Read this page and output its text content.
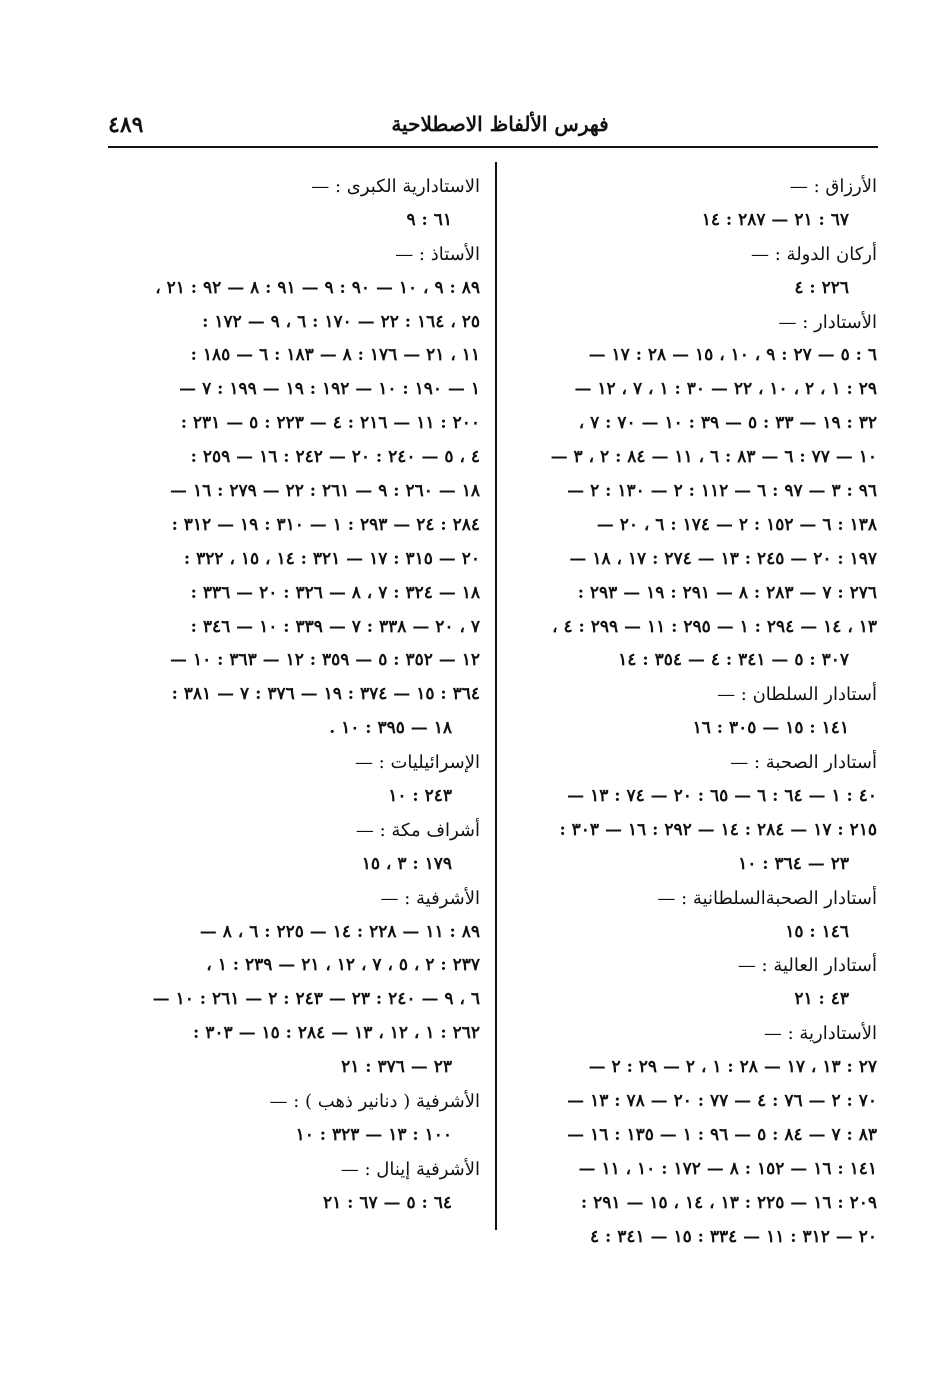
فهرس الألفاظ الاصطلاحية
٤٨٩
الأرزاق : —
٦٧ : ٢١ — ٢٨٧ : ١٤
أركان الدولة : —
٢٢٦ : ٤
الأستادار : —
٦ : ٥ — ٢٧ : ٩ ، ١٠ ، ١٥ — ٢٨ : ١٧ —
٢٩ : ١ ، ٢ ، ١٠ ، ٢٢ — ٣٠ : ١ ، ٧ ، ١٢ —
٣٢ : ١٩ — ٣٣ : ٥ — ٣٩ : ١٠ — ٧٠ : ٧ ،
١٠ — ٧٧ : ٦ — ٨٣ : ٦ ، ١١ — ٨٤ : ٢ ، ٣ —
٩٦ : ٣ — ٩٧ : ٦ — ١١٢ : ٢ — ١٣٠ : ٢ —
١٣٨ : ٦ — ١٥٢ : ٢ — ١٧٤ : ٦ ، ٢٠ —
١٩٧ : ٢٠ — ٢٤٥ : ١٣ — ٢٧٤ : ١٧ ، ١٨ —
٢٧٦ : ٧ — ٢٨٣ : ٨ — ٢٩١ : ١٩ — ٢٩٣ :
١٣ ، ١٤ — ٢٩٤ : ١ — ٢٩٥ : ١١ — ٢٩٩ : ٤ ،
٣٠٧ : ٥ — ٣٤١ : ٤ — ٣٥٤ : ١٤
أستادار السلطان : —
١٤١ : ١٥ — ٣٠٥ : ١٦
أستادار الصحبة : —
٤٠ : ١ — ٦٤ : ٦ — ٦٥ : ٢٠ — ٧٤ : ١٣ —
٢١٥ : ١٧ — ٢٨٤ : ١٤ — ٢٩٢ : ١٦ — ٣٠٣ :
٢٣ — ٣٦٤ : ١٠
أستادار الصحبةالسلطانية : —
١٤٦ : ١٥
أستادار العالية : —
٤٣ : ٢١
الأستادارية : —
٢٧ : ١٣ ، ١٧ — ٢٨ : ١ ، ٢ — ٢٩ : ٢ —
٧٠ : ٢ — ٧٦ : ٤ — ٧٧ : ٢٠ — ٧٨ : ١٣ —
٨٣ : ٧ — ٨٤ : ٥ — ٩٦ : ١ — ١٣٥ : ١٦ —
١٤١ : ١٦ — ١٥٢ : ٨ — ١٧٢ : ١٠ ، ١١ —
٢٠٩ : ١٦ — ٢٢٥ : ١٣ ، ١٤ ، ١٥ — ٢٩١ :
٢٠ — ٣١٢ : ١١ — ٣٣٤ : ١٥ — ٣٤١ : ٤
الاستادارية الكبرى : —
٦١ : ٩
الأستاذ : —
٨٩ : ٩ ، ١٠ — ٩٠ : ٩ — ٩١ : ٨ — ٩٢ : ٢١ ،
٢٥ ، ١٦٤ : ٢٢ — ١٧٠ : ٦ ، ٩ — ١٧٢ :
١١ ، ٢١ — ١٧٦ : ٨ — ١٨٣ : ٦ — ١٨٥ :
١ — ١٩٠ : ١٠ — ١٩٢ : ١٩ — ١٩٩ : ٧ —
٢٠٠ : ١١ — ٢١٦ : ٤ — ٢٢٣ : ٥ — ٢٣١ :
٤ ، ٥ — ٢٤٠ : ٢٠ — ٢٤٢ : ١٦ — ٢٥٩ :
١٨ — ٢٦٠ : ٩ — ٢٦١ : ٢٢ — ٢٧٩ : ١٦ —
٢٨٤ : ٢٤ — ٢٩٣ : ١ — ٣١٠ : ١٩ — ٣١٢ :
٢٠ — ٣١٥ : ١٧ — ٣٢١ : ١٤ ، ١٥ ، ٣٢٢ :
١٨ — ٣٢٤ : ٧ ، ٨ — ٣٢٦ : ٢٠ — ٣٣٦ :
٧ ، ٢٠ — ٣٣٨ : ٧ — ٣٣٩ : ١٠ — ٣٤٦ :
١٢ — ٣٥٢ : ٥ — ٣٥٩ : ١٢ — ٣٦٣ : ١٠ —
٣٦٤ : ١٥ — ٣٧٤ : ١٩ — ٣٧٦ : ٧ — ٣٨١ :
١٨ — ٣٩٥ : ١٠ .
الإسرائيليات : —
٢٤٣ : ١٠
أشراف مكة : —
١٧٩ : ٣ ، ١٥
الأشرفية : —
٨٩ : ١١ — ٢٢٨ : ١٤ — ٢٢٥ : ٦ ، ٨ —
٢٣٧ : ٢ ، ٥ ، ٧ ، ١٢ ، ٢١ — ٢٣٩ : ١ ،
٦ ، ٩ — ٢٤٠ : ٢٣ — ٢٤٣ : ٢ — ٢٦١ : ١٠ —
٢٦٢ : ١ ، ١٢ ، ١٣ — ٢٨٤ : ١٥ — ٣٠٣ :
٢٣ — ٣٧٦ : ٢١
الأشرفية ( دنانير ذهب ) : —
١٠٠ : ١٣ — ٣٢٣ : ١٠
الأشرفية إينال : —
٦٤ : ٥ — ٦٧ : ٢١
